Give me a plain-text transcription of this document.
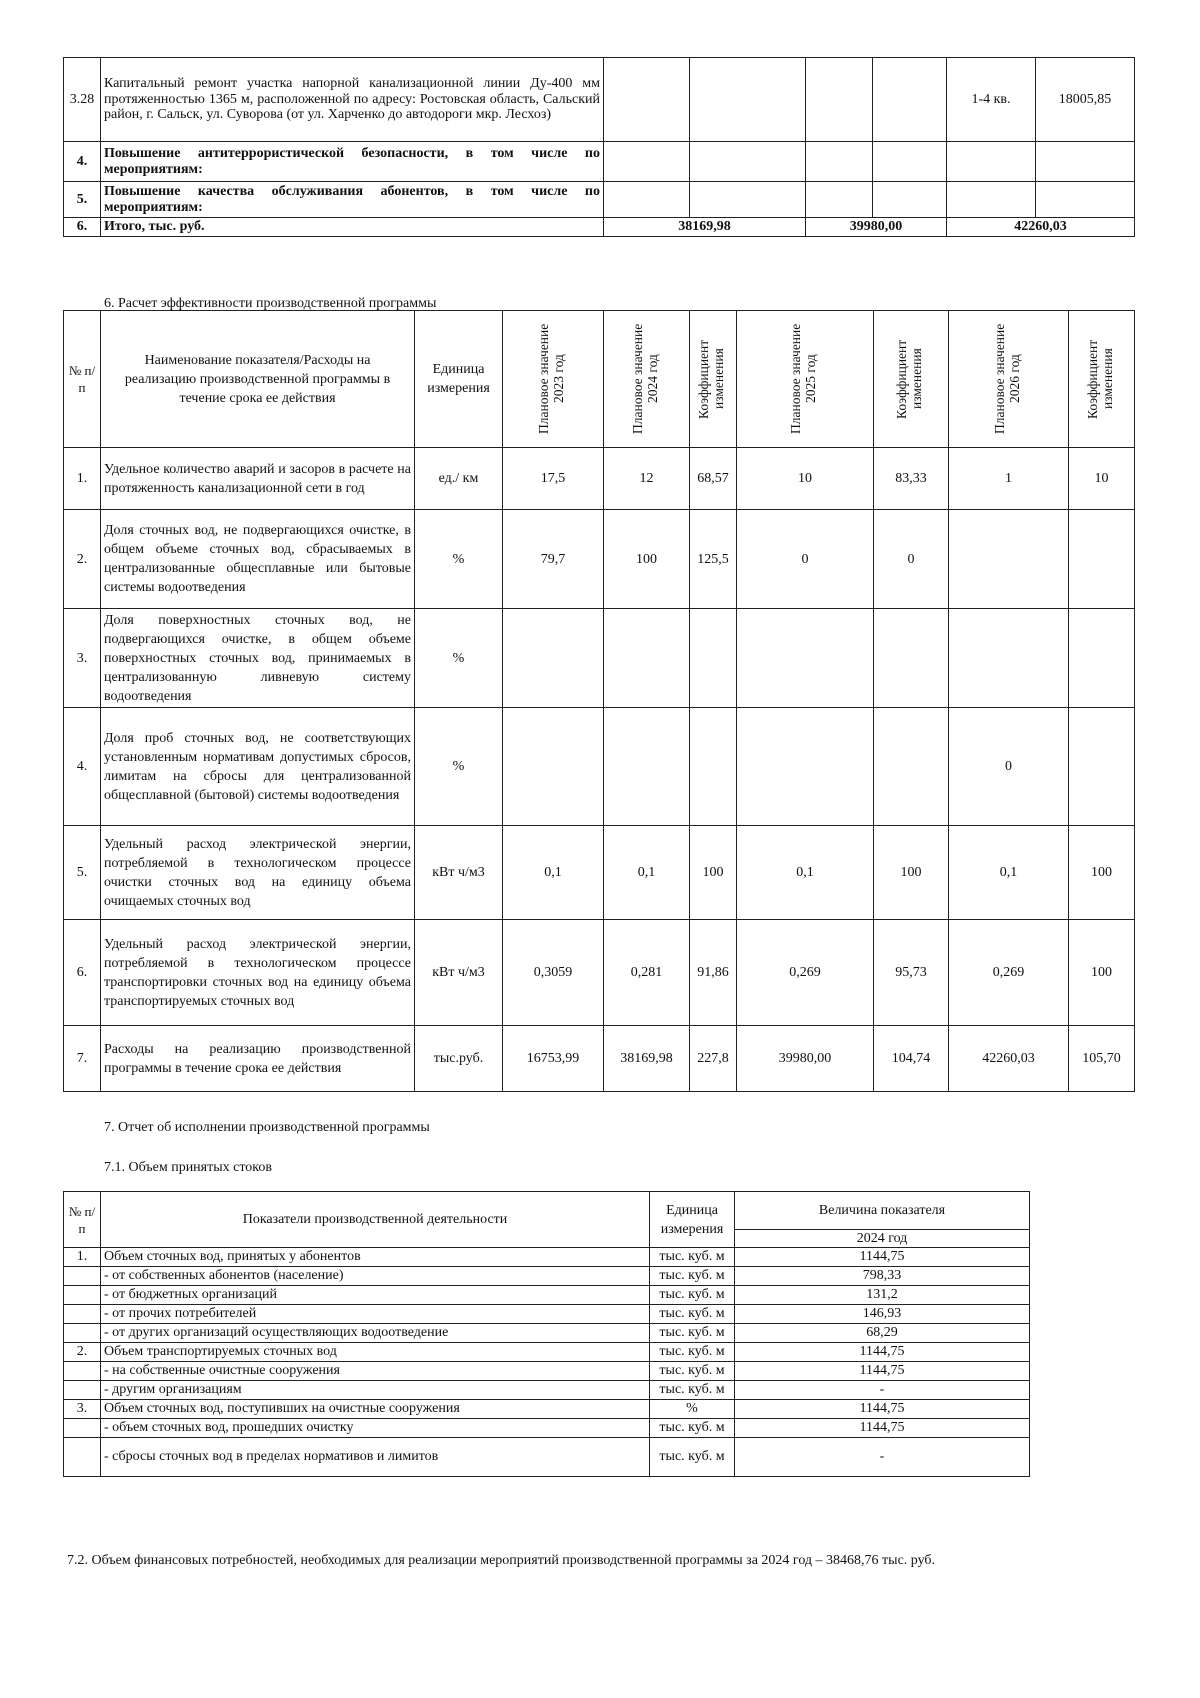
3.28	Капитальный ремонт участка напорной канализационной линии Ду-400 мм протяженностью 1365 м, расположенной по адресу: Ростовская область, Сальский район, г. Сальск, ул. Суворова (от ул. Харченко до автодороги мкр. Лесхоз)					1-4 кв.	18005,85
4.	Повышение антитеррористической безопасности, в том числе по мероприятиям:						
5.	Повышение качества обслуживания абонентов, в том числе по мероприятиям:						
6.	Итого, тыс. руб.	38169,98		39980,00		42260,03	
6. Расчет эффективности производственной программы
№ п/п	Наименование показателя/Расходы на реализацию производственной программы в течение срока ее действия	Единица измерения	Плановое значение 2023 год	Плановое значение 2024 год	Коэффициент изменения	Плановое значение 2025 год	Коэффициент изменения	Плановое значение 2026 год	Коэффициент изменения

1.	Удельное количество аварий и засоров в расчете на протяженность канализационной сети в год	ед./ км	17,5	12	68,57	10	83,33	1	10
2.	Доля сточных вод, не подвергающихся очистке, в общем объеме сточных вод, сбрасываемых в централизованные общесплавные или бытовые системы водоотведения	%	79,7	100	125,5	0	0		
3.	Доля поверхностных сточных вод, не подвергающихся очистке, в общем объеме поверхностных сточных вод, принимаемых в централизованную ливневую систему водоотведения	%							
4.	Доля проб сточных вод, не соответствующих установленным нормативам допустимых сбросов, лимитам на сбросы для централизованной общесплавной (бытовой) системы водоотведения	%						0	
5.	Удельный расход электрической энергии, потребляемой в технологическом процессе очистки сточных вод на единицу объема очищаемых сточных вод	кВт ч/м3	0,1	0,1	100	0,1	100	0,1	100
6.	Удельный расход электрической энергии, потребляемой в технологическом процессе транспортировки сточных вод на единицу объема транспортируемых сточных вод	кВт ч/м3	0,3059	0,281	91,86	0,269	95,73	0,269	100
7.	Расходы на реализацию производственной программы в течение срока ее действия	тыс.руб.	16753,99	38169,98	227,8	39980,00	104,74	42260,03	105,70
7. Отчет об исполнении производственной программы
7.1. Объем принятых стоков
№ п/п	Показатели производственной деятельности	Единица измерения	Величина показателя
			2024 год
1.	Объем сточных вод, принятых у абонентов	тыс. куб. м	1144,75
	- от собственных абонентов (население)	тыс. куб. м	798,33
	- от бюджетных организаций	тыс. куб. м	131,2
	- от прочих потребителей	тыс. куб. м	146,93
	- от других организаций осуществляющих водоотведение	тыс. куб. м	68,29
2.	Объем транспортируемых сточных вод	тыс. куб. м	1144,75
	- на собственные очистные сооружения	тыс. куб. м	1144,75
	- другим организациям	тыс. куб. м	-
3.	Объем сточных вод, поступивших на очистные сооружения	%	1144,75
	- объем сточных вод, прошедших очистку	тыс. куб. м	1144,75
	- сбросы сточных вод в пределах нормативов и лимитов	тыс. куб. м	-
7.2. Объем финансовых потребностей, необходимых для реализации мероприятий производственной программы за 2024 год – 38468,76 тыс. руб.
